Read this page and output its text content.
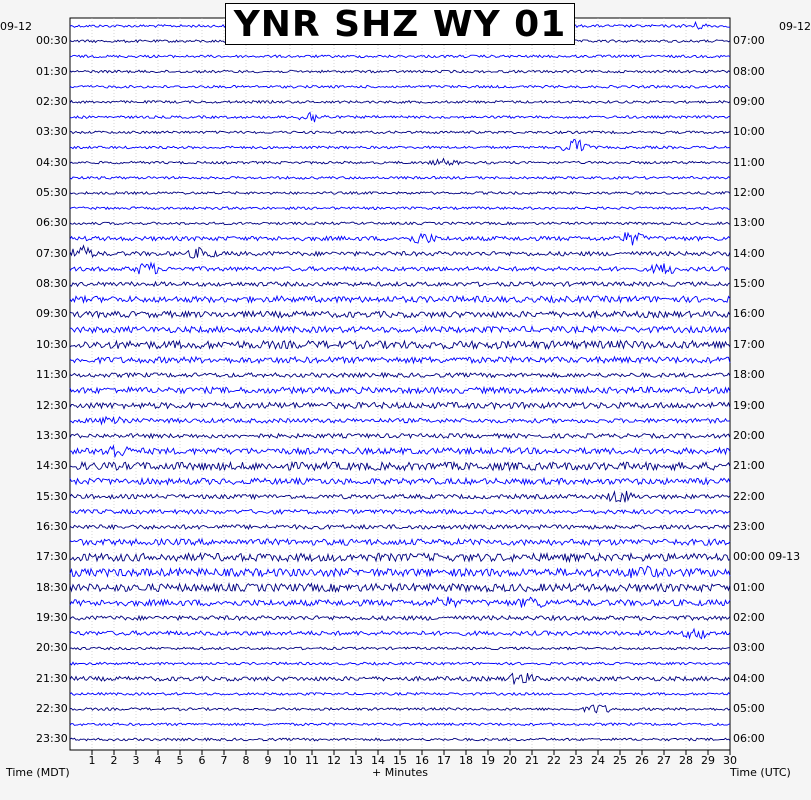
YNR SHZ WY 01
09-12	09-12
00:30
01:30
02:30
03:30
04:30
05:30
06:30
07:30
08:30
09:30
10:30
11:30
12:30
13:30
14:30
15:30
16:30
17:30
18:30
19:30
20:30
21:30
22:30
23:30
07:00
08:00
09:00
10:00
11:00
12:00
13:00
14:00
15:00
16:00
17:00
18:00
19:00
20:00
21:00
22:00
23:00
00:00 09-13
01:00
02:00
03:00
04:00
05:00
06:00
1 2 3 4 5 6 7 8 9 10 11 12 13 14 15 16 17 18 19 20 21 22 23 24 25 26 27 28 29 30
Time (MDT)	+ Minutes	Time (UTC)
